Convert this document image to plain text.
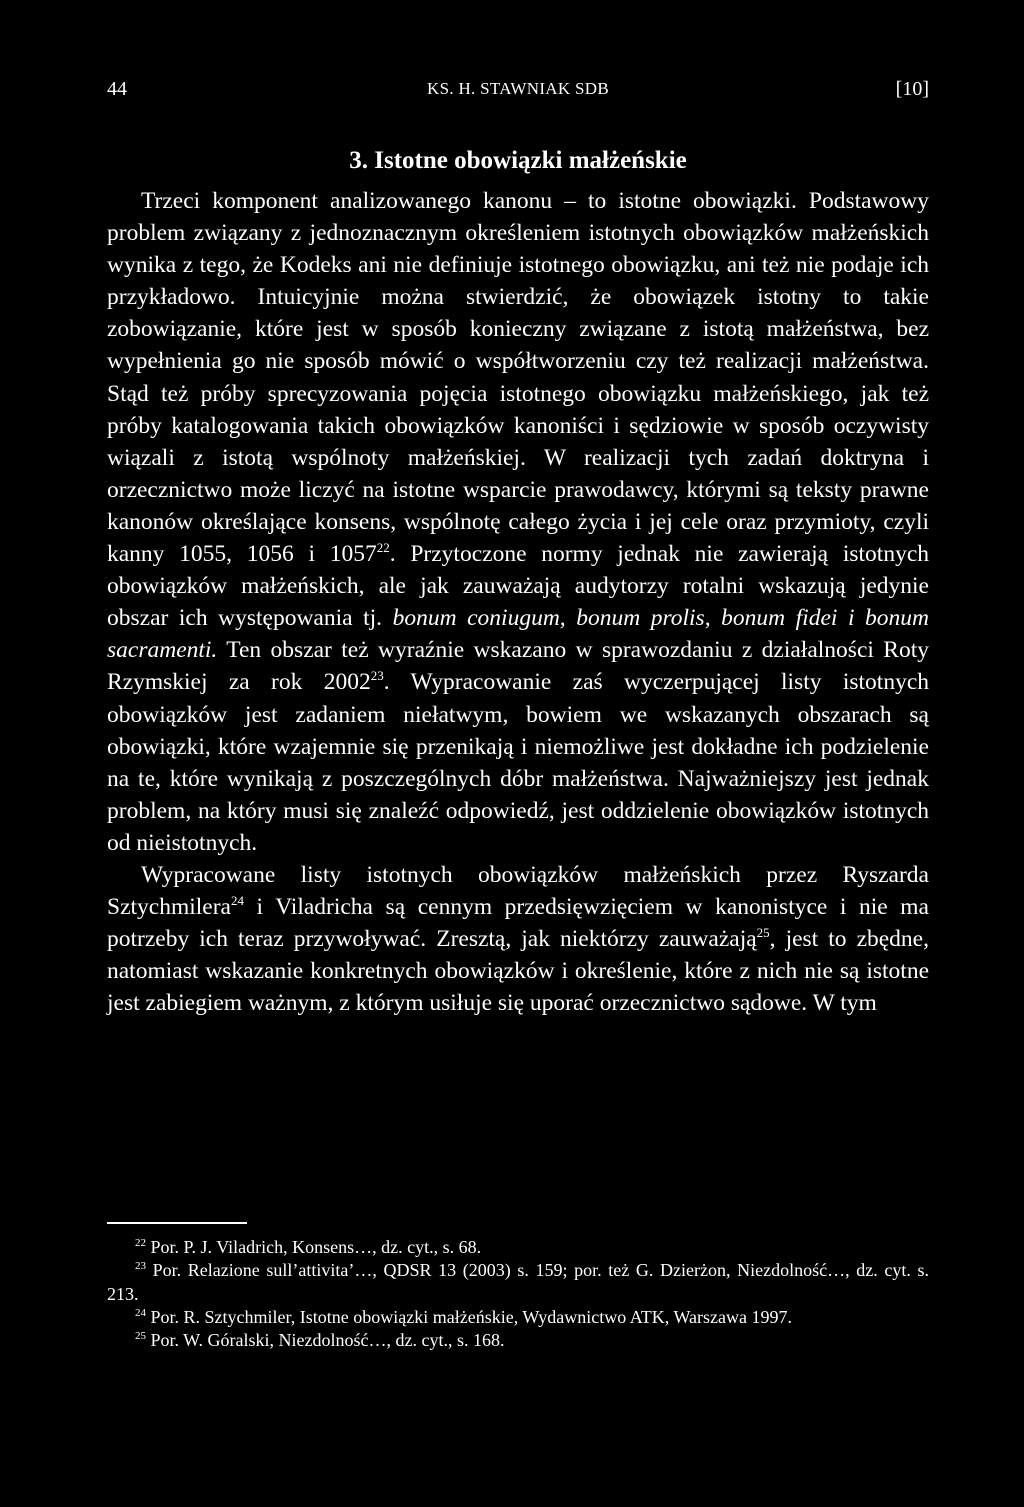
44	KS. H. STAWNIAK SDB	[10]
3. Istotne obowiązki małżeńskie

Trzeci komponent analizowanego kanonu – to istotne obowiązki. Podstawowy problem związany z jednoznacznym określeniem istotnych obowiązków małżeńskich wynika z tego, że Kodeks ani nie definiuje istotnego obowiązku, ani też nie podaje ich przykładowo. Intuicyjnie można stwierdzić, że obowiązek istotny to takie zobowiązanie, które jest w sposób konieczny związane z istotą małżeństwa, bez wypełnienia go nie sposób mówić o współtworzeniu czy też realizacji małżeństwa. Stąd też próby sprecyzowania pojęcia istotnego obowiązku małżeńskiego, jak też próby katalogowania takich obowiązków kanoniści i sędziowie w sposób oczywisty wiązali z istotą wspólnoty małżeńskiej. W realizacji tych zadań doktryna i orzecznictwo może liczyć na istotne wsparcie prawodawcy, którymi są teksty prawne kanonów określające konsens, wspólnotę całego życia i jej cele oraz przymioty, czyli kanny 1055, 1056 i 1057$^{22}$. Przytoczone normy jednak nie zawierają istotnych obowiązków małżeńskich, ale jak zauważają audytorzy rotalni wskazują jedynie obszar ich występowania tj. bonum coniugum, bonum prolis, bonum fidei i bonum sacramenti. Ten obszar też wyraźnie wskazano w sprawozdaniu z działalności Roty Rzymskiej za rok 2002$^{23}$. Wypracowanie zaś wyczerpującej listy istotnych obowiązków jest zadaniem niełatwym, bowiem we wskazanych obszarach są obowiązki, które wzajemnie się przenikają i niemożliwe jest dokładne ich podzielenie na te, które wynikają z poszczególnych dóbr małżeństwa. Najważniejszy jest jednak problem, na który musi się znaleźć odpowiedź, jest oddzielenie obowiązków istotnych od nieistotnych.

Wypracowane listy istotnych obowiązków małżeńskich przez Ryszarda Sztychmilera$^{24}$ i Viladricha są cennym przedsięwzięciem w kanonistyce i nie ma potrzeby ich teraz przywoływać. Zresztą, jak niektórzy zauważają$^{25}$, jest to zbędne, natomiast wskazanie konkretnych obowiązków i określenie, które z nich nie są istotne jest zabiegiem ważnym, z którym usiłuje się uporać orzecznictwo sądowe. W tym

$^{22}$ Por. P. J. Viladrich, Konsens…, dz. cyt., s. 68.

$^{23}$ Por. Relazione sull’attivita’…, QDSR 13 (2003) s. 159; por. też G. Dzierżon, Niezdolność…, dz. cyt. s. 213.

$^{24}$ Por. R. Sztychmiler, Istotne obowiązki małżeńskie, Wydawnictwo ATK, Warszawa 1997.

$^{25}$ Por. W. Góralski, Niezdolność…, dz. cyt., s. 168.
